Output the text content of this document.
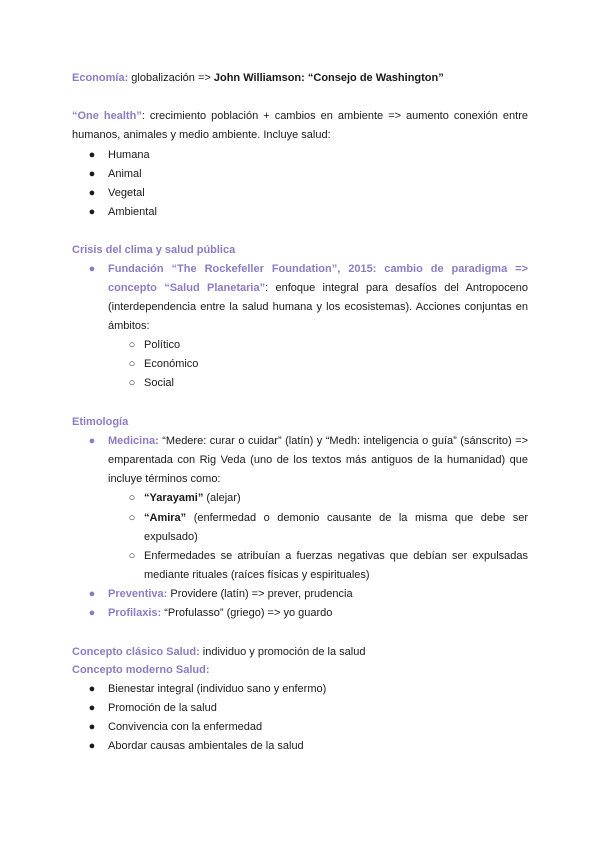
Economía: globalización => John Williamson: “Consejo de Washington”
“One health”: crecimiento población + cambios en ambiente => aumento conexión entre humanos, animales y medio ambiente. Incluye salud:
● Humana
● Animal
● Vegetal
● Ambiental
Crisis del clima y salud pública
● Fundación “The Rockefeller Foundation”, 2015: cambio de paradigma => concepto “Salud Planetaria”: enfoque integral para desafíos del Antropoceno (interdependencia entre la salud humana y los ecosistemas). Acciones conjuntas en ámbitos:
○ Político
○ Económico
○ Social
Etimología
● Medicina: “Medere: curar o cuidar” (latín) y “Medh: inteligencia o guía” (sánscrito) => emparentada con Rig Veda (uno de los textos más antiguos de la humanidad) que incluye términos como:
○ “Yarayami” (alejar)
○ “Amira” (enfermedad o demonio causante de la misma que debe ser expulsado)
○ Enfermedades se atribuían a fuerzas negativas que debían ser expulsadas mediante rituales (raíces físicas y espirituales)
● Preventiva: Providere (latín) => prever, prudencia
● Profilaxis: “Profulasso” (griego) => yo guardo
Concepto clásico Salud: individuo y promoción de la salud
Concepto moderno Salud:
● Bienestar integral (individuo sano y enfermo)
● Promoción de la salud
● Convivencia con la enfermedad
● Abordar causas ambientales de la salud
